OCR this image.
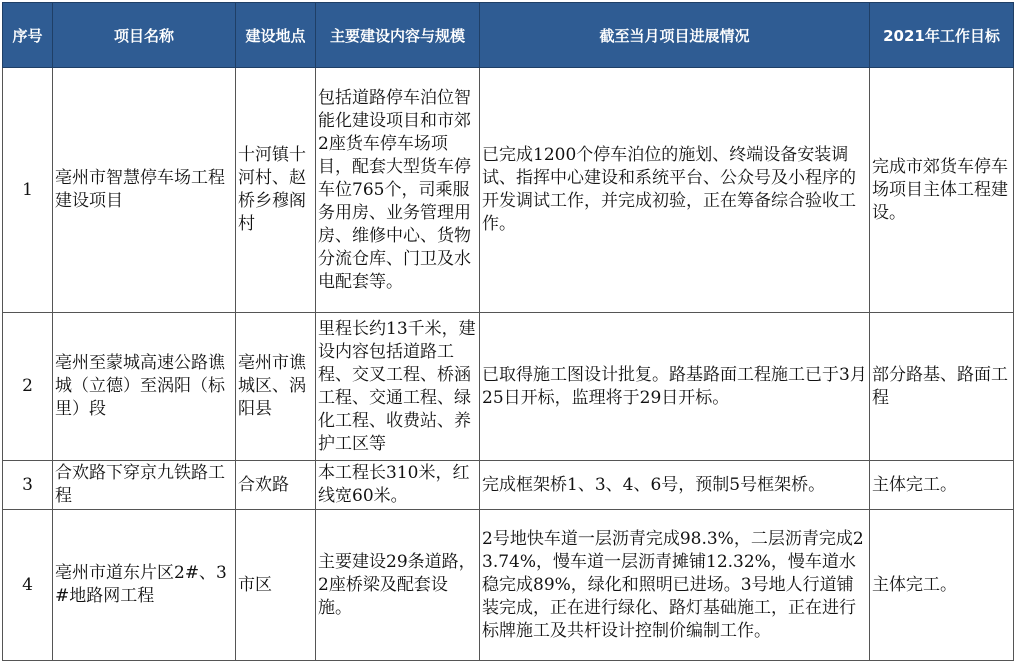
序号	项目名称	建设地点	主要建设内容与规模	截至当月项目进展情况	2021年工作目标
1	亳州市智慧停车场工程建设项目	十河镇十河村、赵桥乡穆阁村	包括道路停车泊位智能化建设项目和市郊2座货车停车场项目，配套大型货车停车位765个，司乘服务用房、业务管理用房、维修中心、货物分流仓库、门卫及水电配套等。	已完成1200个停车泊位的施划、终端设备安装调试、指挥中心建设和系统平台、公众号及小程序的开发调试工作，并完成初验，正在筹备综合验收工作。	完成市郊货车停车场项目主体工程建设。
2	亳州至蒙城高速公路谯城（立德）至涡阳（标里）段	亳州市谯城区、涡阳县	里程长约13千米，建设内容包括道路工程、交叉工程、桥涵工程、交通工程、绿化工程、收费站、养护工区等	已取得施工图设计批复。路基路面工程施工已于3月25日开标，监理将于29日开标。	部分路基、路面工程
3	合欢路下穿京九铁路工程	合欢路	本工程长310米，红线宽60米。	完成框架桥1、3、4、6号，预制5号框架桥。	主体完工。
4	亳州市道东片区2#、3#地路网工程	市区	主要建设29条道路，2座桥梁及配套设施。	2号地快车道一层沥青完成98.3%，二层沥青完成23.74%，慢车道一层沥青摊铺12.32%，慢车道水稳完成89%，绿化和照明已进场。3号地人行道铺装完成，正在进行绿化、路灯基础施工，正在进行标牌施工及共杆设计控制价编制工作。	主体完工。
